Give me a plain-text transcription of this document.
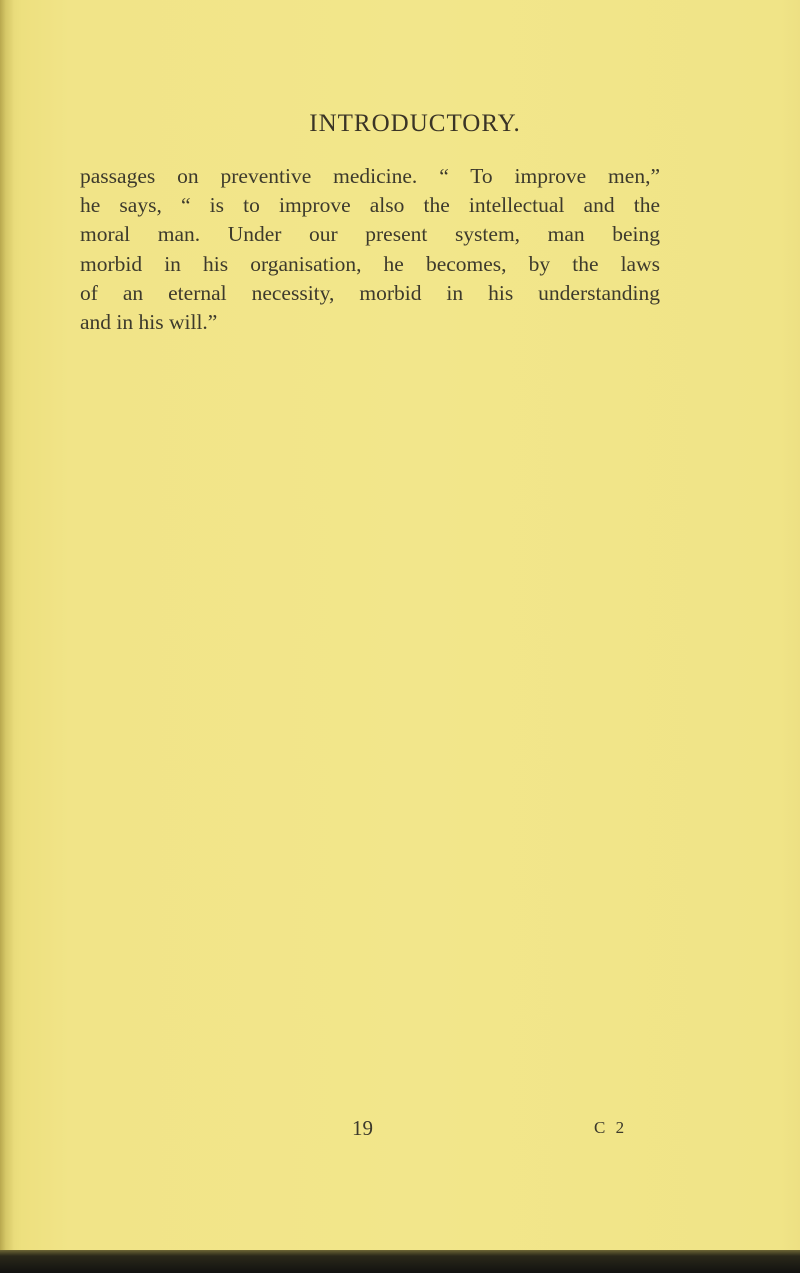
INTRODUCTORY.

passages on preventive medicine. “ To improve men,”
he says, “ is to improve also the intellectual and the
moral man. Under our present system, man being
morbid in his organisation, he becomes, by the laws
of an eternal necessity, morbid in his understanding
and in his will.”

19	C 2
